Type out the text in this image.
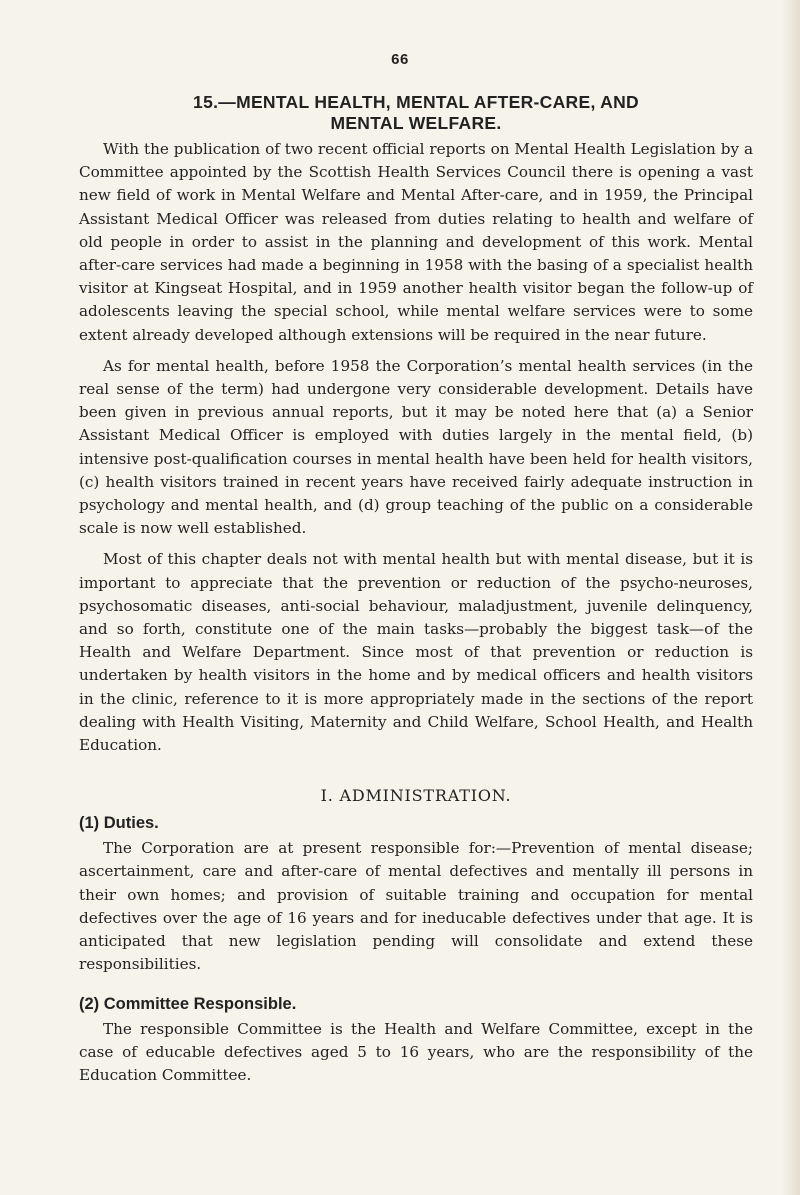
66
15.—MENTAL HEALTH, MENTAL AFTER-CARE, AND
MENTAL WELFARE.

With the publication of two recent official reports on Mental Health Legislation by a Committee appointed by the Scottish Health Services Council there is opening a vast new field of work in Mental Welfare and Mental After-care, and in 1959, the Principal Assistant Medical Officer was released from duties relating to health and welfare of old people in order to assist in the planning and development of this work. Mental after-care services had made a beginning in 1958 with the basing of a specialist health visitor at Kingseat Hospital, and in 1959 another health visitor began the follow-up of adolescents leaving the special school, while mental welfare services were to some extent already developed although extensions will be required in the near future.

As for mental health, before 1958 the Corporation’s mental health services (in the real sense of the term) had undergone very considerable development. Details have been given in previous annual reports, but it may be noted here that (a) a Senior Assistant Medical Officer is employed with duties largely in the mental field, (b) intensive post-qualification courses in mental health have been held for health visitors, (c) health visitors trained in recent years have received fairly adequate instruction in psychology and mental health, and (d) group teaching of the public on a considerable scale is now well established.

Most of this chapter deals not with mental health but with mental disease, but it is important to appreciate that the prevention or reduction of the psycho-neuroses, psychosomatic diseases, anti-social behaviour, maladjustment, juvenile delinquency, and so forth, constitute one of the main tasks—probably the biggest task—of the Health and Welfare Department. Since most of that prevention or reduction is undertaken by health visitors in the home and by medical officers and health visitors in the clinic, reference to it is more appropriately made in the sections of the report dealing with Health Visiting, Maternity and Child Welfare, School Health, and Health Education.

I. ADMINISTRATION.
(1) Duties.

The Corporation are at present responsible for:—Prevention of mental disease; ascertainment, care and after-care of mental defectives and mentally ill persons in their own homes; and provision of suitable training and occupation for mental defectives over the age of 16 years and for ineducable defectives under that age. It is anticipated that new legislation pending will consolidate and extend these responsibilities.

(2) Committee Responsible.

The responsible Committee is the Health and Welfare Committee, except in the case of educable defectives aged 5 to 16 years, who are the responsibility of the Education Committee.
